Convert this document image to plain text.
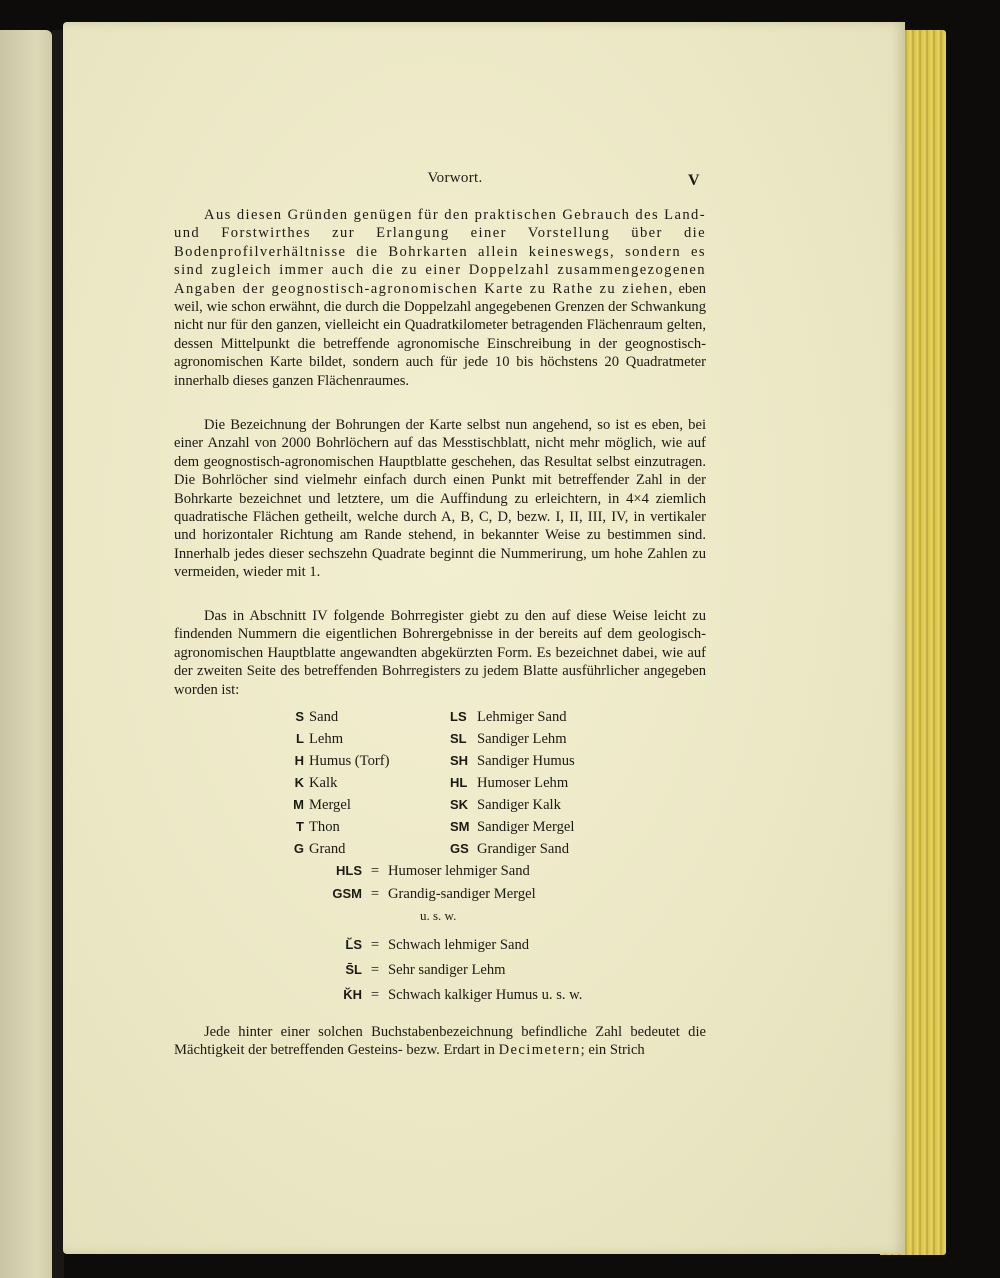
Vorwort.	V

Aus diesen Gründen genügen für den praktischen Gebrauch des Land- und Forstwirthes zur Erlangung einer Vorstellung über die Bodenprofilverhältnisse die Bohrkarten allein keineswegs, sondern es sind zugleich immer auch die zu einer Doppelzahl zusammengezogenen Angaben der geognostisch-agronomischen Karte zu Rathe zu ziehen, eben weil, wie schon erwähnt, die durch die Doppelzahl angegebenen Grenzen der Schwankung nicht nur für den ganzen, vielleicht ein Quadratkilometer betragenden Flächenraum gelten, dessen Mittelpunkt die betreffende agronomische Einschreibung in der geognostisch-agronomischen Karte bildet, sondern auch für jede 10 bis höchstens 20 Quadratmeter innerhalb dieses ganzen Flächenraumes.

Die Bezeichnung der Bohrungen der Karte selbst nun angehend, so ist es eben, bei einer Anzahl von 2000 Bohrlöchern auf das Messtischblatt, nicht mehr möglich, wie auf dem geognostisch-agronomischen Hauptblatte geschehen, das Resultat selbst einzutragen. Die Bohrlöcher sind vielmehr einfach durch einen Punkt mit betreffender Zahl in der Bohrkarte bezeichnet und letztere, um die Auffindung zu erleichtern, in 4×4 ziemlich quadratische Flächen getheilt, welche durch A, B, C, D, bezw. I, II, III, IV, in vertikaler und horizontaler Richtung am Rande stehend, in bekannter Weise zu bestimmen sind. Innerhalb jedes dieser sechszehn Quadrate beginnt die Nummerirung, um hohe Zahlen zu vermeiden, wieder mit 1.

Das in Abschnitt IV folgende Bohrregister giebt zu den auf diese Weise leicht zu findenden Nummern die eigentlichen Bohrergebnisse in der bereits auf dem geologisch-agronomischen Hauptblatte angewandten abgekürzten Form. Es bezeichnet dabei, wie auf der zweiten Seite des betreffenden Bohrregisters zu jedem Blatte ausführlicher angegeben worden ist:

S Sand	LS Lehmiger Sand
L Lehm	SL Sandiger Lehm
H Humus (Torf)	SH Sandiger Humus
K Kalk	HL Humoser Lehm
M Mergel	SK Sandiger Kalk
T Thon	SM Sandiger Mergel
G Grand	GS Grandiger Sand
HLS = Humoser lehmiger Sand
GSM = Grandig-sandiger Mergel
u. s. w.
L̆S = Schwach lehmiger Sand
S̄L = Sehr sandiger Lehm
K̆H = Schwach kalkiger Humus u. s. w.

Jede hinter einer solchen Buchstabenbezeichnung befindliche Zahl bedeutet die Mächtigkeit der betreffenden Gesteins- bezw. Erdart in Decimetern; ein Strich
